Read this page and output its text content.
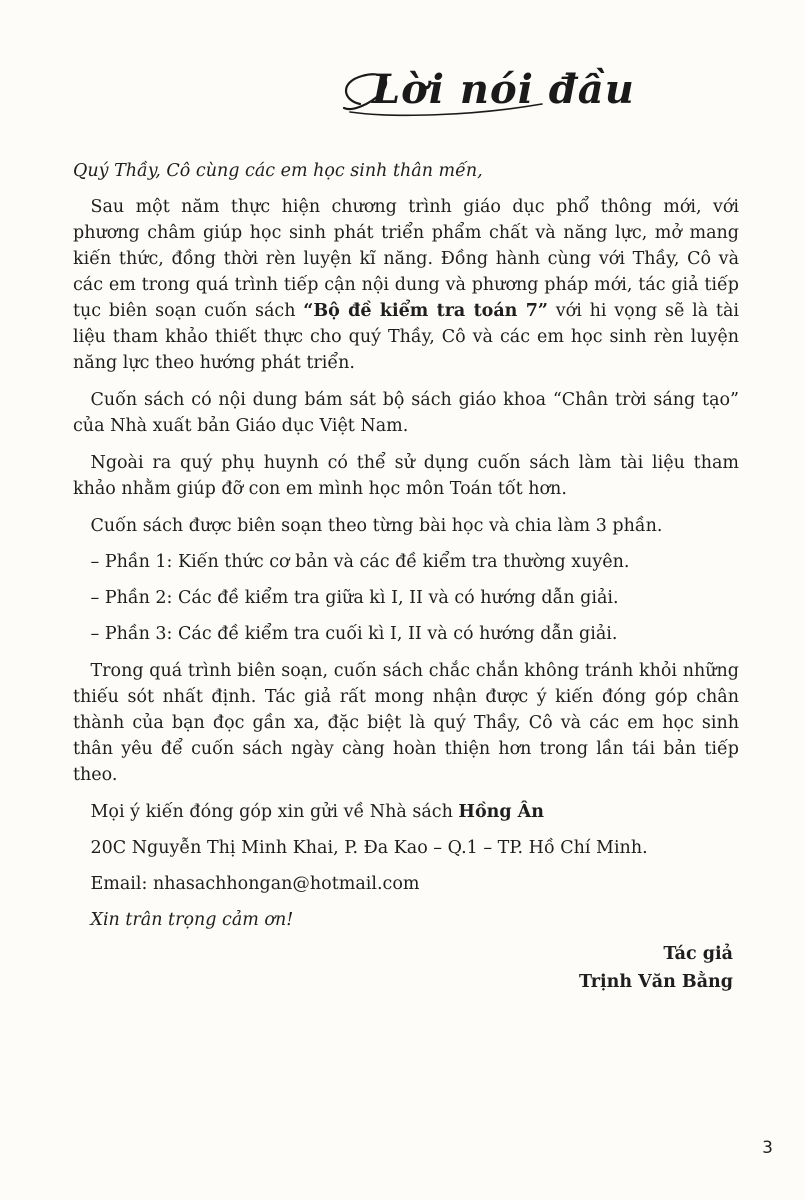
Lời nói đầu

Quý Thầy, Cô cùng các em học sinh thân mến,

 Sau một năm thực hiện chương trình giáo dục phổ thông mới, với phương châm giúp học sinh phát triển phẩm chất và năng lực, mở mang kiến thức, đồng thời rèn luyện kĩ năng. Đồng hành cùng với Thầy, Cô và các em trong quá trình tiếp cận nội dung và phương pháp mới, tác giả tiếp tục biên soạn cuốn sách “Bộ đề kiểm tra toán 7” với hi vọng sẽ là tài liệu tham khảo thiết thực cho quý Thầy, Cô và các em học sinh rèn luyện năng lực theo hướng phát triển.

 Cuốn sách có nội dung bám sát bộ sách giáo khoa “Chân trời sáng tạo” của Nhà xuất bản Giáo dục Việt Nam.

 Ngoài ra quý phụ huynh có thể sử dụng cuốn sách làm tài liệu tham khảo nhằm giúp đỡ con em mình học môn Toán tốt hơn.

 Cuốn sách được biên soạn theo từng bài học và chia làm 3 phần.

 – Phần 1: Kiến thức cơ bản và các đề kiểm tra thường xuyên.

 – Phần 2: Các đề kiểm tra giữa kì I, II và có hướng dẫn giải.

 – Phần 3: Các đề kiểm tra cuối kì I, II và có hướng dẫn giải.

 Trong quá trình biên soạn, cuốn sách chắc chắn không tránh khỏi những thiếu sót nhất định. Tác giả rất mong nhận được ý kiến đóng góp chân thành của bạn đọc gần xa, đặc biệt là quý Thầy, Cô và các em học sinh thân yêu để cuốn sách ngày càng hoàn thiện hơn trong lần tái bản tiếp theo.

 Mọi ý kiến đóng góp xin gửi về Nhà sách Hồng Ân

 20C Nguyễn Thị Minh Khai, P. Đa Kao – Q.1 – TP. Hồ Chí Minh.

 Email: nhasachhongan@hotmail.com

 Xin trân trọng cảm ơn!

Tác giả
Trịnh Văn Bằng
3
